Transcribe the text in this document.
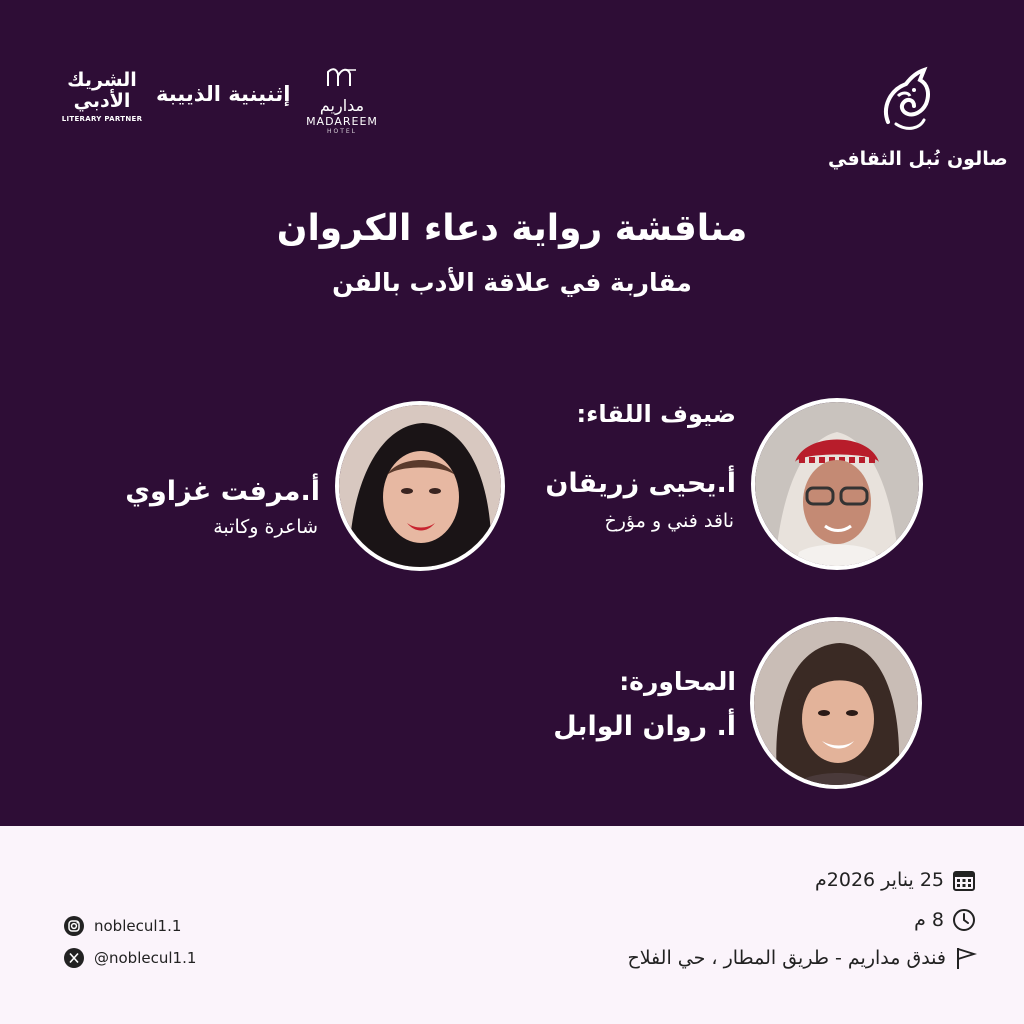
صالون نُبل الثقافي
مداريم
MADAREEM
HOTEL
إثنينية الذييبة
الشريك
الأدبي
LITERARY PARTNER
مناقشة رواية دعاء الكروان
مقاربة في علاقة الأدب بالفن
ضيوف اللقاء:
أ.يحيى زريقان
ناقد فني و مؤرخ
أ.مرفت غزاوي
شاعرة وكاتبة
المحاورة:
أ. روان الوابل
25 يناير 2026م
8 م
فندق مداريم - طريق المطار ، حي الفلاح
noblecul1.1
@noblecul1.1
